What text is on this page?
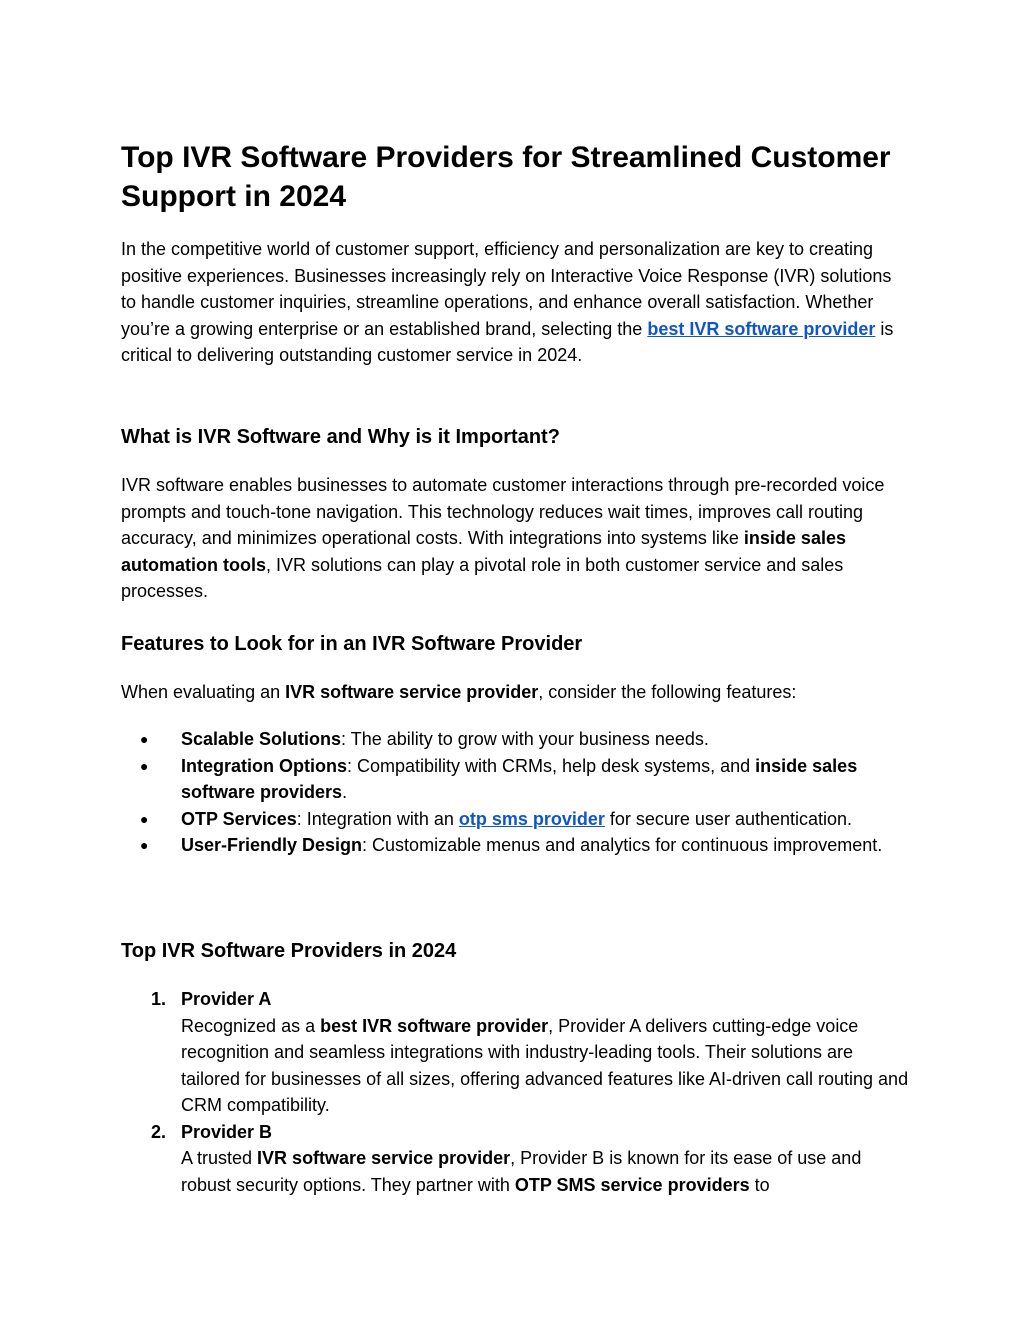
Top IVR Software Providers for Streamlined Customer Support in 2024

In the competitive world of customer support, efficiency and personalization are key to creating positive experiences. Businesses increasingly rely on Interactive Voice Response (IVR) solutions to handle customer inquiries, streamline operations, and enhance overall satisfaction. Whether you’re a growing enterprise or an established brand, selecting the best IVR software provider is critical to delivering outstanding customer service in 2024.

What is IVR Software and Why is it Important?

IVR software enables businesses to automate customer interactions through pre-recorded voice prompts and touch-tone navigation. This technology reduces wait times, improves call routing accuracy, and minimizes operational costs. With integrations into systems like inside sales automation tools, IVR solutions can play a pivotal role in both customer service and sales processes.

Features to Look for in an IVR Software Provider

When evaluating an IVR software service provider, consider the following features:

● Scalable Solutions: The ability to grow with your business needs.
● Integration Options: Compatibility with CRMs, help desk systems, and inside sales software providers.
● OTP Services: Integration with an otp sms provider for secure user authentication.
● User-Friendly Design: Customizable menus and analytics for continuous improvement.
Top IVR Software Providers in 2024
1. Provider A
Recognized as a best IVR software provider, Provider A delivers cutting-edge voice recognition and seamless integrations with industry-leading tools. Their solutions are tailored for businesses of all sizes, offering advanced features like AI-driven call routing and CRM compatibility.
2. Provider B
A trusted IVR software service provider, Provider B is known for its ease of use and robust security options. They partner with OTP SMS service providers to
